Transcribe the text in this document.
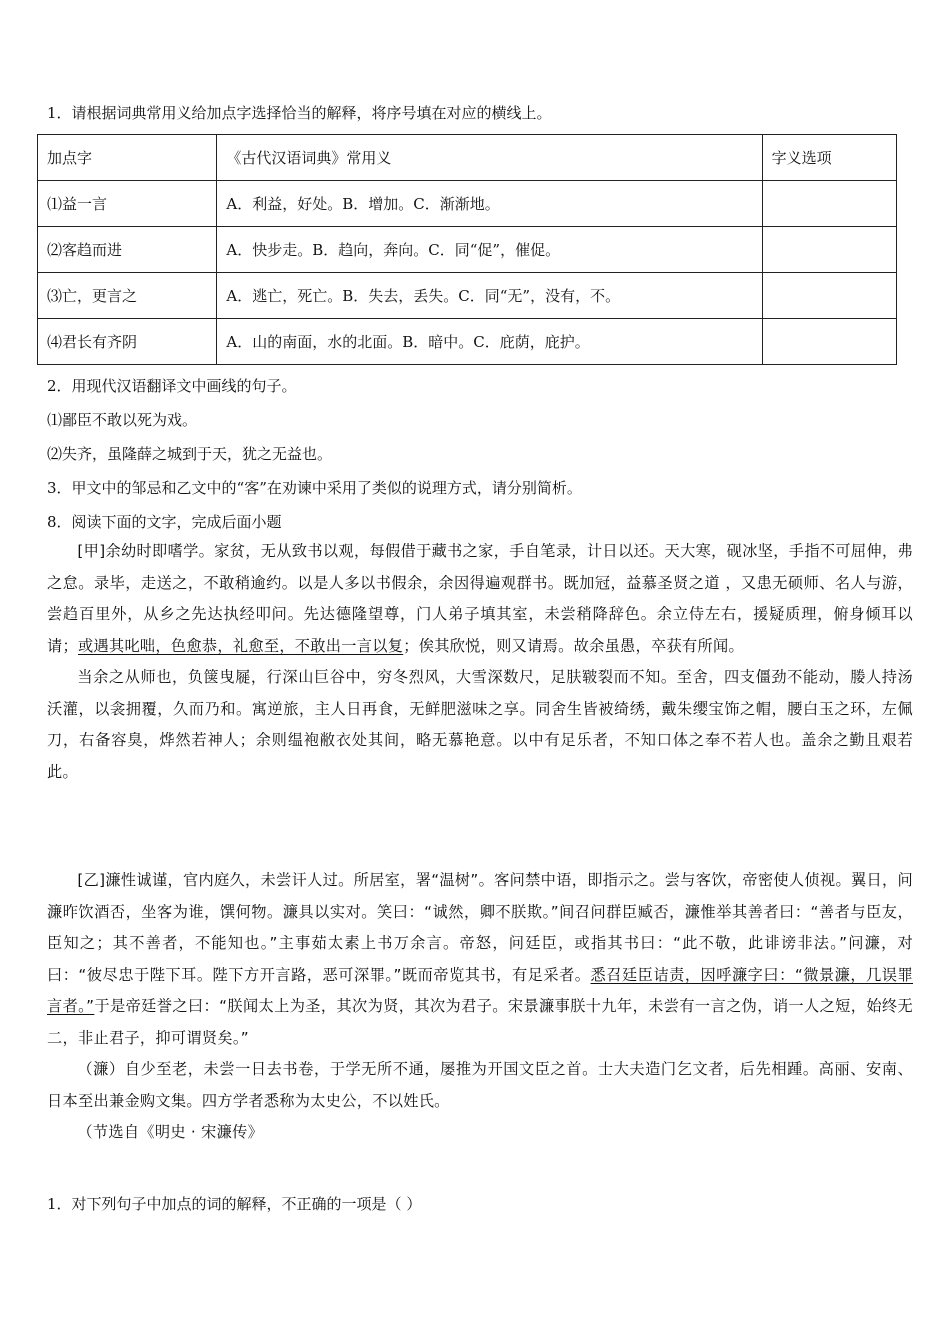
1．请根据词典常用义给加点字选择恰当的解释，将序号填在对应的横线上。
加点字	《古代汉语词典》常用义	字义选项
⑴益一言	A．利益，好处。B．增加。C．渐渐地。	
⑵客趋而进	A．快步走。B．趋向，奔向。C．同“促”，催促。	
⑶亡，更言之	A．逃亡，死亡。B．失去，丢失。C．同“无”，没有，不。	
⑷君长有齐阴	A．山的南面，水的北面。B．暗中。C．庇荫，庇护。	
2．用现代汉语翻译文中画线的句子。
⑴鄙臣不敢以死为戏。
⑵失齐，虽隆薛之城到于天，犹之无益也。
3．甲文中的邹忌和乙文中的“客”在劝谏中采用了类似的说理方式，请分别简析。
8．阅读下面的文字，完成后面小题

[甲]余幼时即嗜学。家贫，无从致书以观，每假借于藏书之家，手自笔录，计日以还。天大寒，砚冰坚，手指不可屈伸，弗之怠。录毕，走送之，不敢稍逾约。以是人多以书假余，余因得遍观群书。既加冠，益慕圣贤之道 ，又患无硕师、名人与游，尝趋百里外，从乡之先达执经叩问。先达德隆望尊，门人弟子填其室，未尝稍降辞色。余立侍左右，援疑质理，俯身倾耳以请；或遇其叱咄，色愈恭，礼愈至，不敢出一言以复；俟其欣悦，则又请焉。故余虽愚，卒获有所闻。

当余之从师也，负箧曳屣，行深山巨谷中，穷冬烈风，大雪深数尺，足肤皲裂而不知。至舍，四支僵劲不能动，媵人持汤沃灌，以衾拥覆，久而乃和。寓逆旅，主人日再食，无鲜肥滋味之享。同舍生皆被绮绣，戴朱缨宝饰之帽，腰白玉之环，左佩刀，右备容臭，烨然若神人；余则缊袍敝衣处其间，略无慕艳意。以中有足乐者，不知口体之奉不若人也。盖余之勤且艰若此。

[乙]濂性诚谨，官内庭久，未尝讦人过。所居室，署“温树”。客问禁中语，即指示之。尝与客饮，帝密使人侦视。翼日，问濂昨饮酒否，坐客为谁，馔何物。濂具以实对。笑曰：“诚然，卿不朕欺。”间召问群臣臧否，濂惟举其善者曰：“善者与臣友，臣知之；其不善者，不能知也。”主事茹太素上书万余言。帝怒，问廷臣，或指其书曰：“此不敬，此诽谤非法。”问濂，对曰：“彼尽忠于陛下耳。陛下方开言路，恶可深罪。”既而帝览其书，有足采者。悉召廷臣诘责，因呼濂字曰：“微景濂，几误罪言者。”于是帝廷誉之曰：“朕闻太上为圣，其次为贤，其次为君子。宋景濂事朕十九年，未尝有一言之伪，诮一人之短，始终无二，非止君子，抑可谓贤矣。”

（濂）自少至老，未尝一日去书卷，于学无所不通，屡推为开国文臣之首。士大夫造门乞文者，后先相踵。高丽、安南、日本至出兼金购文集。四方学者悉称为太史公，不以姓氏。

（节选自《明史 · 宋濂传》

1．对下列句子中加点的词的解释，不正确的一项是（ ）
